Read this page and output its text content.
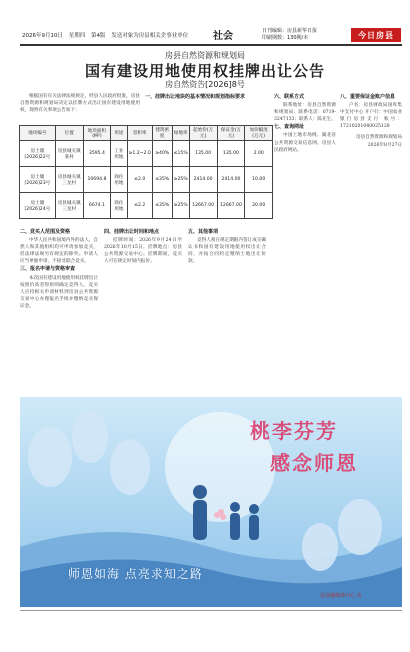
2026年9月10日 星期四 第4版 发送对象为房县相关企事业单位	社会	日刊编辑：房县新华日报
印刷期数：130期/本	今日房县
房县自然资源和规划局
国有建设用地使用权挂牌出让公告
房自然资告[2026]8号

根据国有有关法律法规规定，经县人民政府批准，房县自然资源和规划局决定以挂牌方式出让国有建设用地使用权，现将有关事项公告如下：

一、挂牌出让地块的基本情况和规划指标要求
地块编号	位置	地块面积(M²)	用途	容积率	建筑密度	绿地率	起始价(万元)	保证金(万元)	加价幅度(万元)
房土储[2026]22号	房县城关镇某村	3595.4	工业用地	≥1.2~2.0	≥40%	≤15%	135.00	135.00	2.00
房土储[2026]23号	房县城关镇三龙村	10694.8	商住用地	≤2.0	≤35%	≥25%	2414.00	2414.00	10.00
房土储[2026]24号	房县城关镇三龙村	6674.1	商住用地	≤2.2	≤35%	≥25%	12667.00	12667.00	20.00
二、竞买人范围及资格

中华人民共和国境内外的法人、自然人和其他组织均可申请参加竞买，但法律法规另有规定的除外。申请人应当单独申请，不接受联合竞买。

三、报名申请与资格审查

本次国有建设用地使用权挂牌出让按照价高者得原则确定竞得人。竞买人应持相关申请材料到房县公共资源交易中心办理报名手续并缴纳竞买保证金。

四、挂牌出让时间和地点

挂牌时间：2026年9月24日至2026年10月15日。挂牌地点：房县公共资源交易中心。挂牌期间，竞买人可在规定时间内报价。

五、其他事项

竞得人须在规定期限内签订成交确认书和国有建设用地使用权出让合同，并按合同约定缴纳土地出让价款。

六、联系方式

联系地址：房县自然资源和规划局；联系电话：0719-3247133；联系人：陈先生。

七、查询网址

中国土地市场网、湖北省公共资源交易信息网、房县人民政府网站。

八、重要保证金账户信息

户名：房县财政局国库集中支付中心 开户行：中国农业银行房县支行 账号：17210201040025128

房县自然资源和规划局

2026年8月27日

桃李芬芳
感念师恩
师恩如海 点亮求知之路
房县融媒体中心 出
